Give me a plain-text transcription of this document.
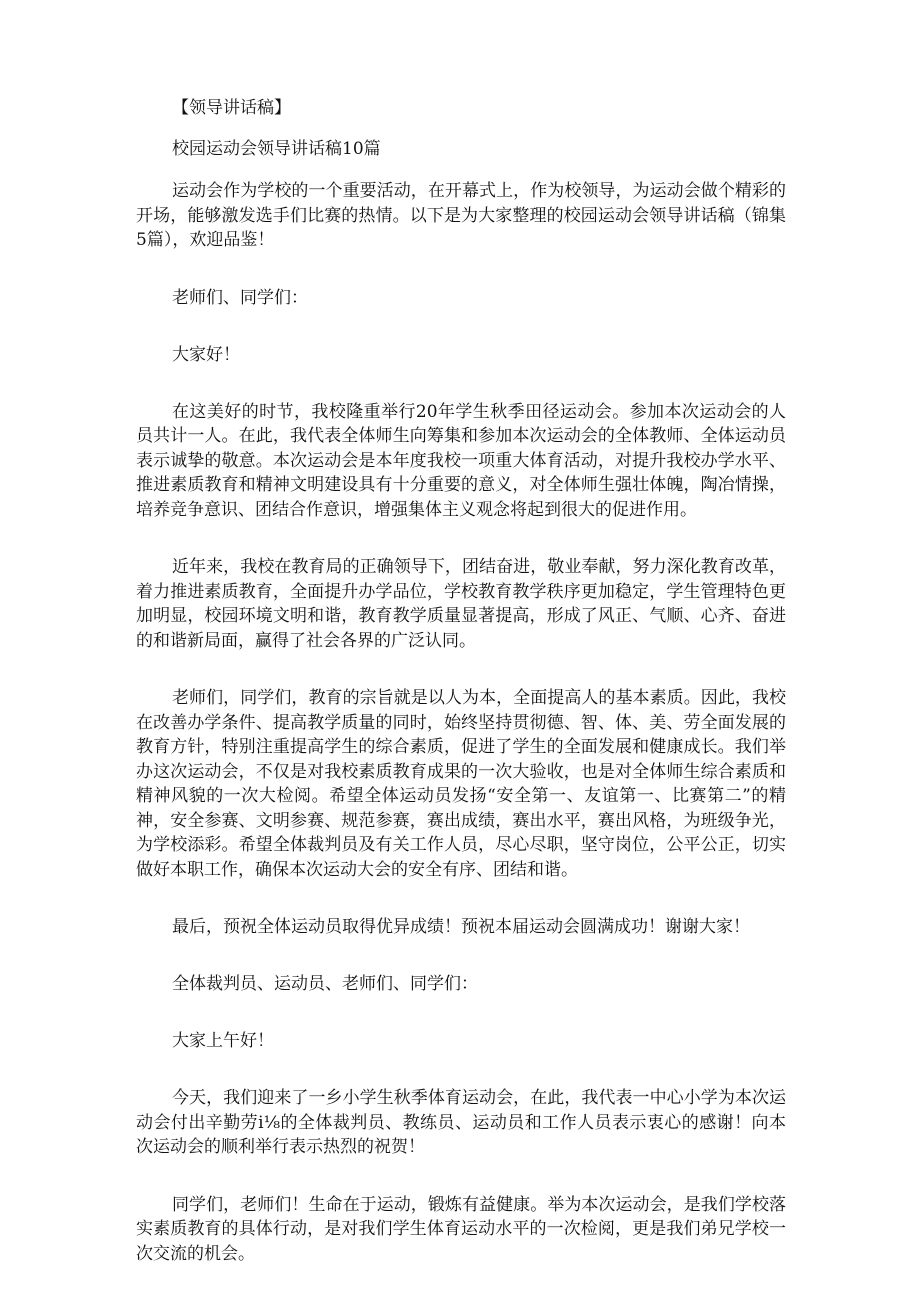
【领导讲话稿】

校园运动会领导讲话稿10篇

运动会作为学校的一个重要活动，在开幕式上，作为校领导，为运动会做个精彩的开场，能够激发选手们比赛的热情。以下是为大家整理的校园运动会领导讲话稿（锦集5篇），欢迎品鉴！

老师们、同学们：

大家好！

在这美好的时节，我校隆重举行20年学生秋季田径运动会。参加本次运动会的人员共计一人。在此，我代表全体师生向筹集和参加本次运动会的全体教师、全体运动员表示诚挚的敬意。本次运动会是本年度我校一项重大体育活动，对提升我校办学水平、推进素质教育和精神文明建设具有十分重要的意义，对全体师生强壮体魄，陶冶情操，培养竞争意识、团结合作意识，增强集体主义观念将起到很大的促进作用。

近年来，我校在教育局的正确领导下，团结奋进，敬业奉献，努力深化教育改革，着力推进素质教育，全面提升办学品位，学校教育教学秩序更加稳定，学生管理特色更加明显，校园环境文明和谐，教育教学质量显著提高，形成了风正、气顺、心齐、奋进的和谐新局面，赢得了社会各界的广泛认同。

老师们，同学们，教育的宗旨就是以人为本，全面提高人的基本素质。因此，我校在改善办学条件、提高教学质量的同时，始终坚持贯彻德、智、体、美、劳全面发展的教育方针，特别注重提高学生的综合素质，促进了学生的全面发展和健康成长。我们举办这次运动会，不仅是对我校素质教育成果的一次大验收，也是对全体师生综合素质和精神风貌的一次大检阅。希望全体运动员发扬“安全第一、友谊第一、比赛第二”的精神，安全参赛、文明参赛、规范参赛，赛出成绩，赛出水平，赛出风格，为班级争光，为学校添彩。希望全体裁判员及有关工作人员，尽心尽职，坚守岗位，公平公正，切实做好本职工作，确保本次运动大会的安全有序、团结和谐。

最后，预祝全体运动员取得优异成绩！预祝本届运动会圆满成功！谢谢大家！

全体裁判员、运动员、老师们、同学们：

大家上午好！

今天，我们迎来了一乡小学生秋季体育运动会，在此，我代表一中心小学为本次运动会付出辛勤劳i⅛的全体裁判员、教练员、运动员和工作人员表示衷心的感谢！向本次运动会的顺利举行表示热烈的祝贺！

同学们，老师们！生命在于运动，锻炼有益健康。举为本次运动会，是我们学校落实素质教育的具体行动，是对我们学生体育运动水平的一次检阅，更是我们弟兄学校一次交流的机会。
